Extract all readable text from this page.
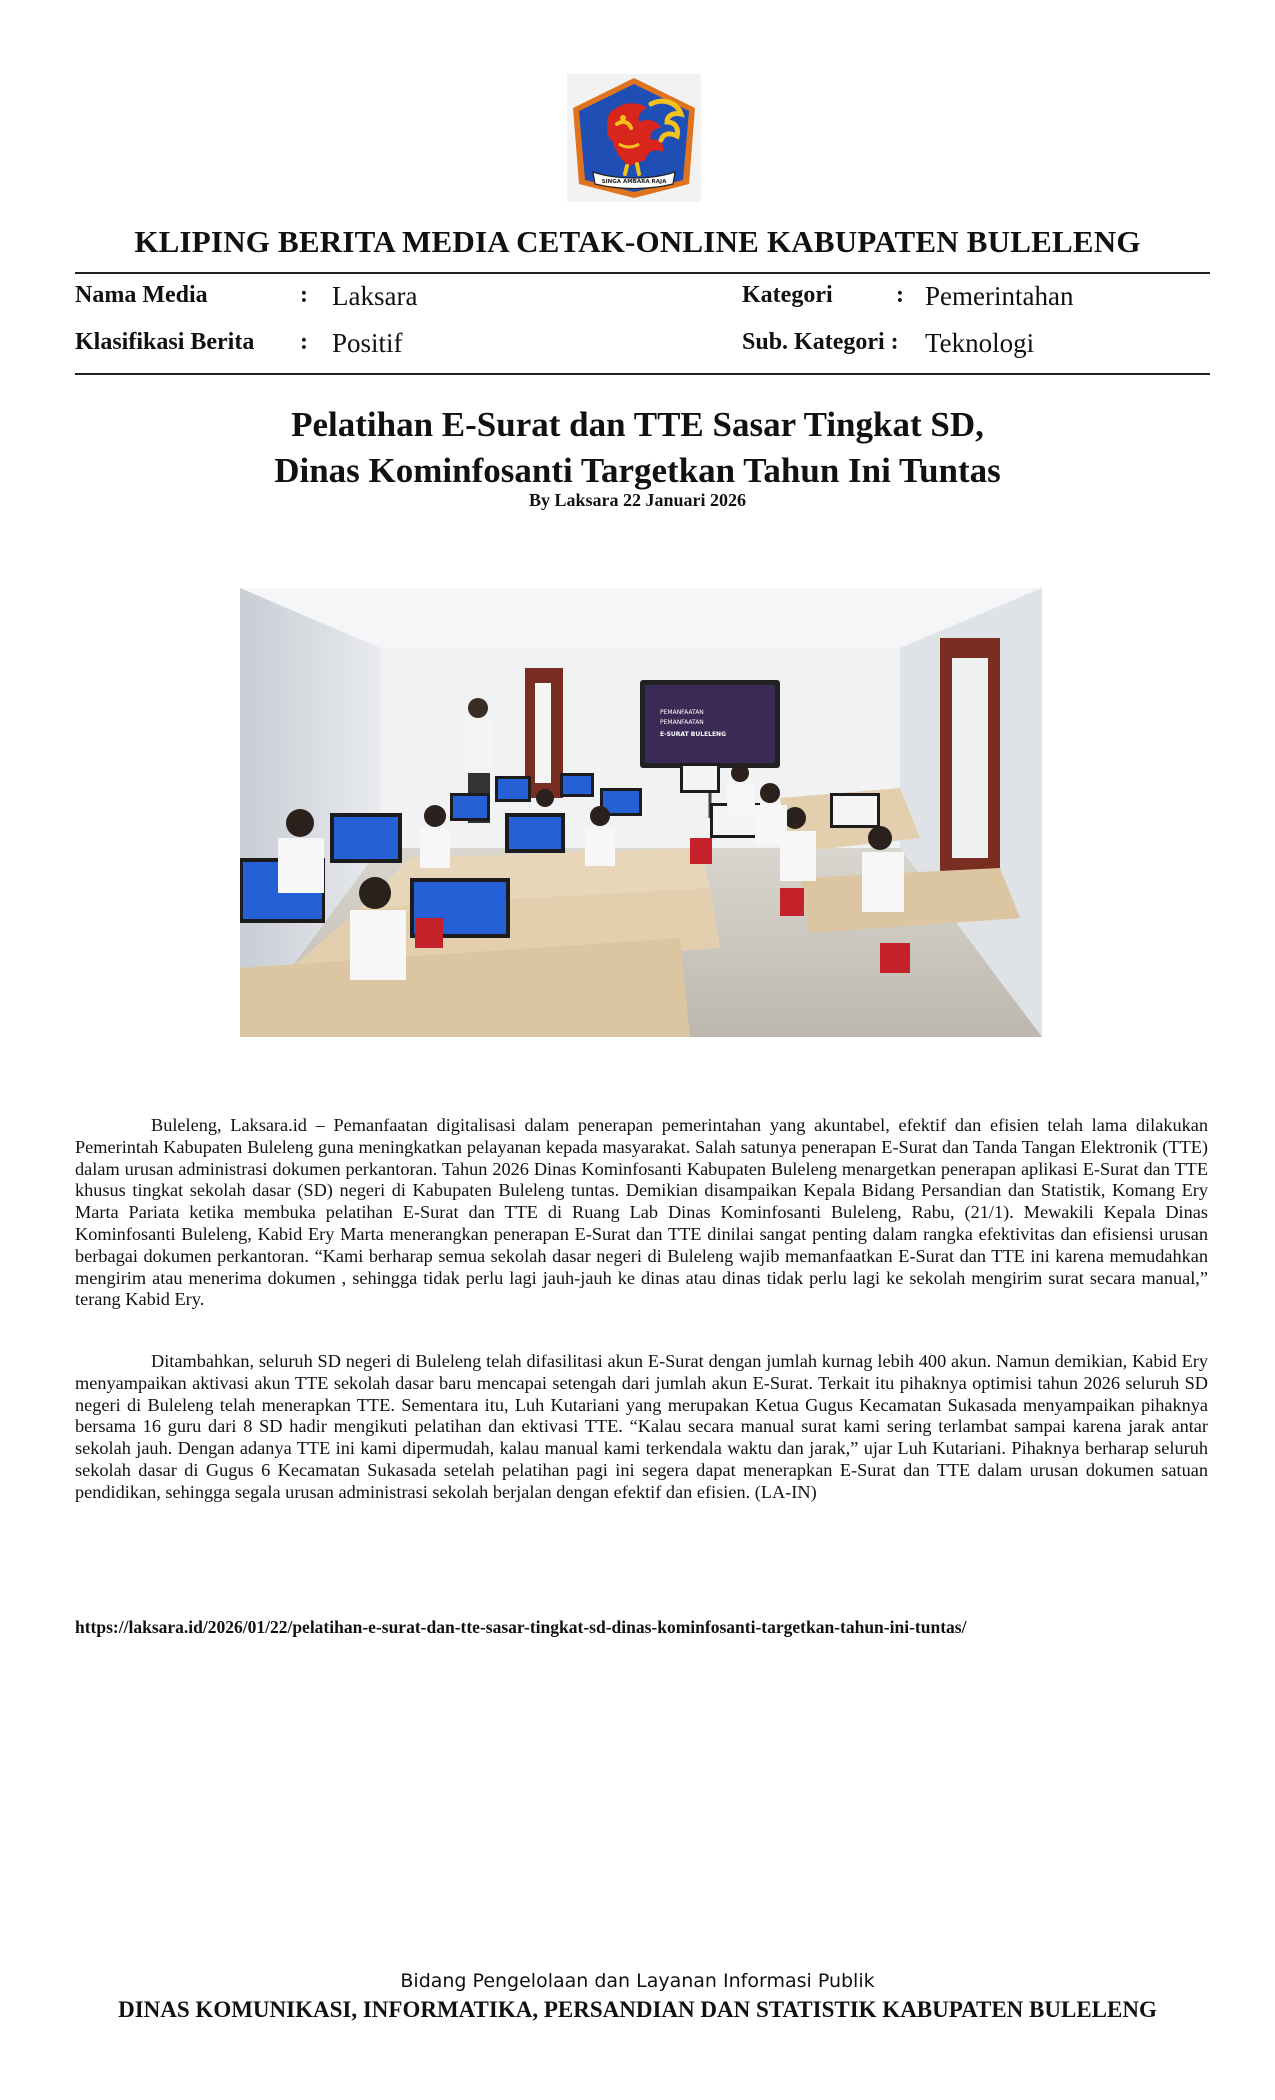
SINGA AMBARA RAJA
KLIPING BERITA MEDIA CETAK-ONLINE KABUPATEN BULELENG
Nama Media	: Laksara
Klasifikasi Berita : Positif
Kategori	: Pemerintahan
Sub. Kategori : Teknologi
Pelatihan E-Surat dan TTE Sasar Tingkat SD,
Dinas Kominfosanti Targetkan Tahun Ini Tuntas
By Laksara 22 Januari 2026
PEMANFAATAN
PEMANFAATAN
E-SURAT BULELENG

Buleleng, Laksara.id – Pemanfaatan digitalisasi dalam penerapan pemerintahan yang akuntabel, efektif dan efisien telah lama dilakukan Pemerintah Kabupaten Buleleng guna meningkatkan pelayanan kepada masyarakat. Salah satunya penerapan E-Surat dan Tanda Tangan Elektronik (TTE) dalam urusan administrasi dokumen perkantoran. Tahun 2026 Dinas Kominfosanti Kabupaten Buleleng menargetkan penerapan aplikasi E-Surat dan TTE khusus tingkat sekolah dasar (SD) negeri di Kabupaten Buleleng tuntas. Demikian disampaikan Kepala Bidang Persandian dan Statistik, Komang Ery Marta Pariata ketika membuka pelatihan E-Surat dan TTE di Ruang Lab Dinas Kominfosanti Buleleng, Rabu, (21/1). Mewakili Kepala Dinas Kominfosanti Buleleng, Kabid Ery Marta menerangkan penerapan E-Surat dan TTE dinilai sangat penting dalam rangka efektivitas dan efisiensi urusan berbagai dokumen perkantoran. “Kami berharap semua sekolah dasar negeri di Buleleng wajib memanfaatkan E-Surat dan TTE ini karena memudahkan mengirim atau menerima dokumen , sehingga tidak perlu lagi jauh-jauh ke dinas atau dinas tidak perlu lagi ke sekolah mengirim surat secara manual,” terang Kabid Ery.

Ditambahkan, seluruh SD negeri di Buleleng telah difasilitasi akun E-Surat dengan jumlah kurnag lebih 400 akun. Namun demikian, Kabid Ery menyampaikan aktivasi akun TTE sekolah dasar baru mencapai setengah dari jumlah akun E-Surat. Terkait itu pihaknya optimisi tahun 2026 seluruh SD negeri di Buleleng telah menerapkan TTE. Sementara itu, Luh Kutariani yang merupakan Ketua Gugus Kecamatan Sukasada menyampaikan pihaknya bersama 16 guru dari 8 SD hadir mengikuti pelatihan dan ektivasi TTE. “Kalau secara manual surat kami sering terlambat sampai karena jarak antar sekolah jauh. Dengan adanya TTE ini kami dipermudah, kalau manual kami terkendala waktu dan jarak,” ujar Luh Kutariani. Pihaknya berharap seluruh sekolah dasar di Gugus 6 Kecamatan Sukasada setelah pelatihan pagi ini segera dapat menerapkan E-Surat dan TTE dalam urusan dokumen satuan pendidikan, sehingga segala urusan administrasi sekolah berjalan dengan efektif dan efisien. (LA-IN)

https://laksara.id/2026/01/22/pelatihan-e-surat-dan-tte-sasar-tingkat-sd-dinas-kominfosanti-targetkan-tahun-ini-tuntas/
Bidang Pengelolaan dan Layanan Informasi Publik
DINAS KOMUNIKASI, INFORMATIKA, PERSANDIAN DAN STATISTIK KABUPATEN BULELENG
